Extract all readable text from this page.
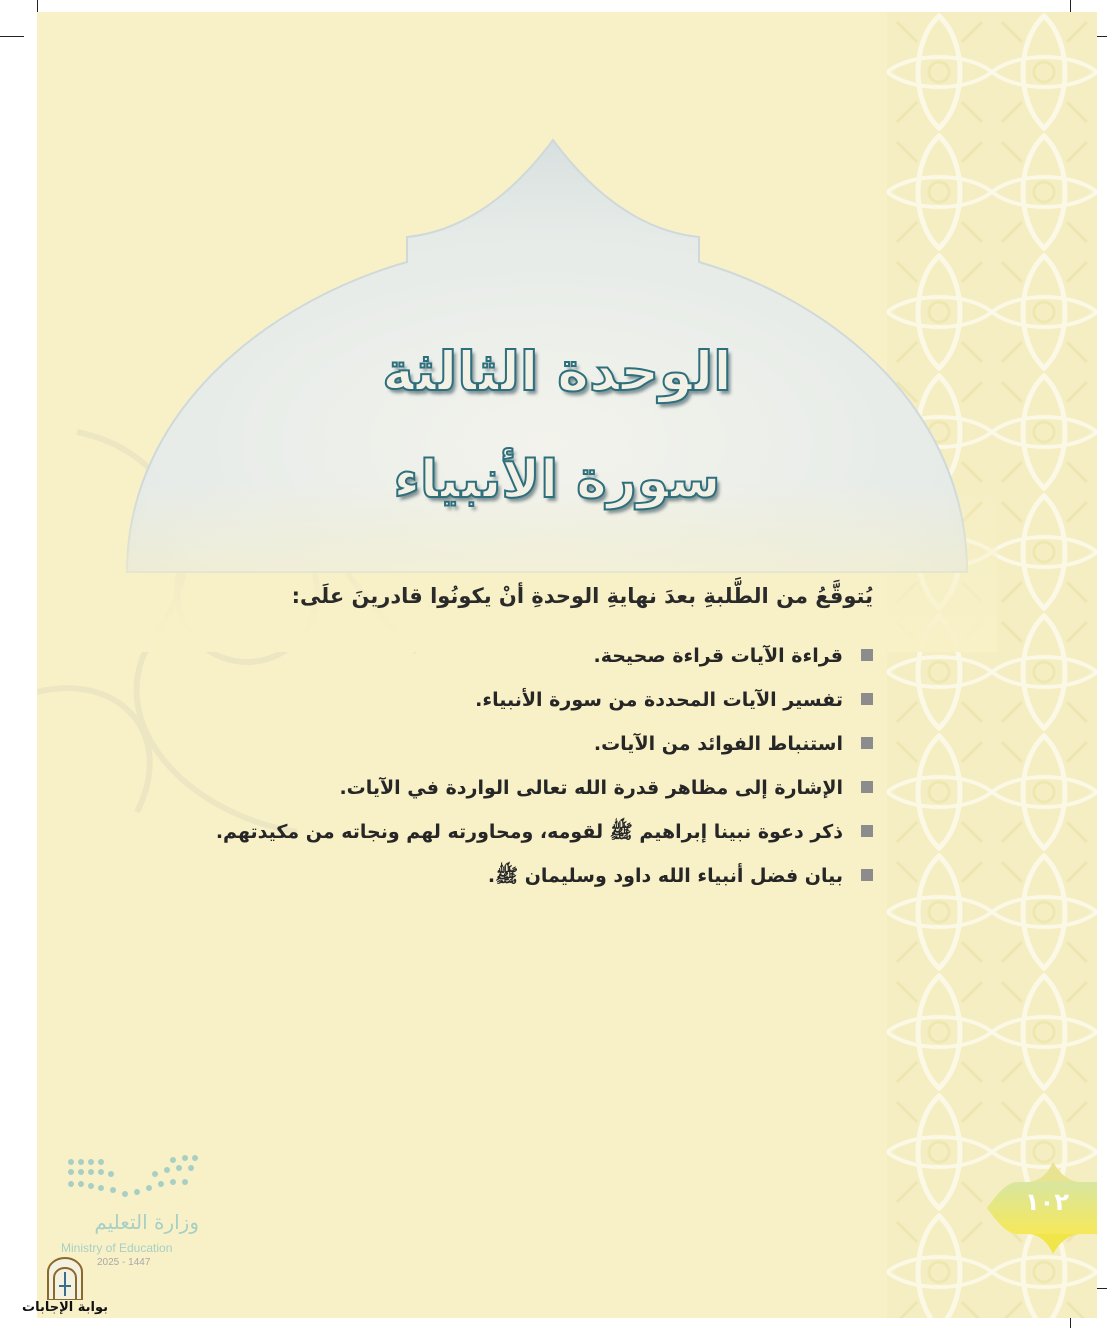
الوحدة الثالثة
سورة الأنبياء
يُتوقَّعُ من الطَّلبةِ بعدَ نهايةِ الوحدةِ أنْ يكونُوا قادرينَ علَى:
قراءة الآيات قراءة صحيحة.
تفسير الآيات المحددة من سورة الأنبياء.
استنباط الفوائد من الآيات.
الإشارة إلى مظاهر قدرة الله تعالى الواردة في الآيات.
ذكر دعوة نبينا إبراهيم ﷺ لقومه، ومحاورته لهم ونجاته من مكيدتهم.
بيان فضل أنبياء الله داود وسليمان ﷺ.
١٠٢
وزارة التعليم
Ministry of Education
2025 - 1447
بوابة الإجابات
